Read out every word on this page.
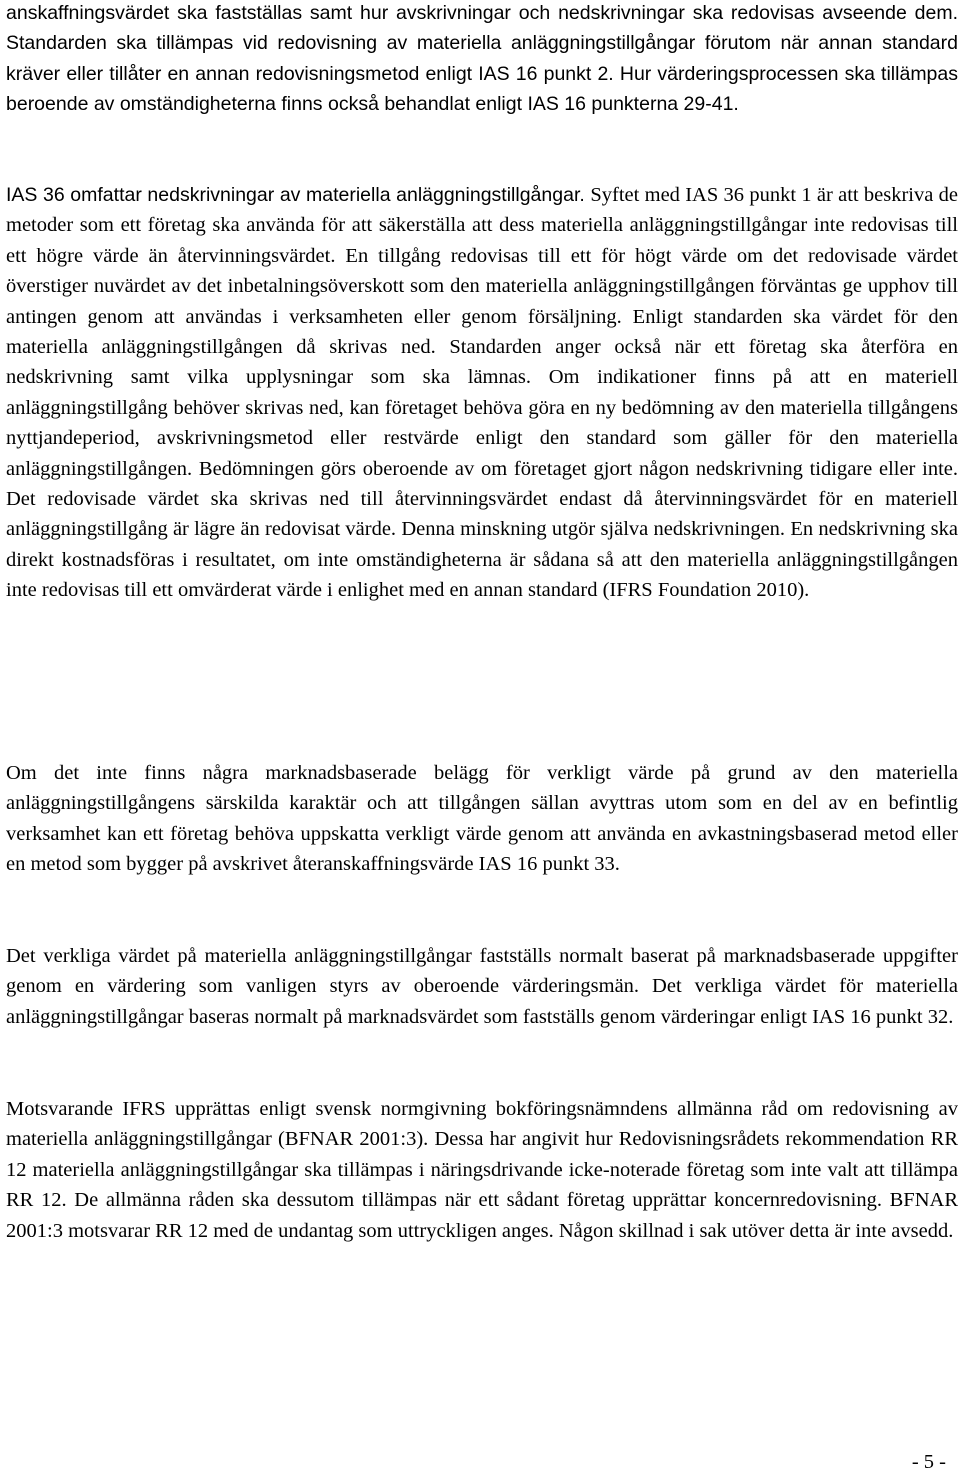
anskaffningsvärdet ska fastställas samt hur avskrivningar och nedskrivningar ska redovisas avseende dem. Standarden ska tillämpas vid redovisning av materiella anläggningstillgångar förutom när annan standard kräver eller tillåter en annan redovisningsmetod enligt IAS 16 punkt 2. Hur värderingsprocessen ska tillämpas beroende av omständigheterna finns också behandlat enligt IAS 16 punkterna 29-41.

IAS 36 omfattar nedskrivningar av materiella anläggningstillgångar. Syftet med IAS 36 punkt 1 är att beskriva de metoder som ett företag ska använda för att säkerställa att dess materiella anläggningstillgångar inte redovisas till ett högre värde än återvinningsvärdet. En tillgång redovisas till ett för högt värde om det redovisade värdet överstiger nuvärdet av det inbetalningsöverskott som den materiella anläggningstillgången förväntas ge upphov till antingen genom att användas i verksamheten eller genom försäljning. Enligt standarden ska värdet för den materiella anläggningstillgången då skrivas ned. Standarden anger också när ett företag ska återföra en nedskrivning samt vilka upplysningar som ska lämnas. Om indikationer finns på att en materiell anläggningstillgång behöver skrivas ned, kan företaget behöva göra en ny bedömning av den materiella tillgångens nyttjandeperiod, avskrivningsmetod eller restvärde enligt den standard som gäller för den materiella anläggningstillgången. Bedömningen görs oberoende av om företaget gjort någon nedskrivning tidigare eller inte. Det redovisade värdet ska skrivas ned till återvinningsvärdet endast då återvinningsvärdet för en materiell anläggningstillgång är lägre än redovisat värde. Denna minskning utgör själva nedskrivningen. En nedskrivning ska direkt kostnadsföras i resultatet, om inte omständigheterna är sådana så att den materiella anläggningstillgången inte redovisas till ett omvärderat värde i enlighet med en annan standard (IFRS Foundation 2010).

Om det inte finns några marknadsbaserade belägg för verkligt värde på grund av den materiella anläggningstillgångens särskilda karaktär och att tillgången sällan avyttras utom som en del av en befintlig verksamhet kan ett företag behöva uppskatta verkligt värde genom att använda en avkastningsbaserad metod eller en metod som bygger på avskrivet återanskaffningsvärde IAS 16 punkt 33.

Det verkliga värdet på materiella anläggningstillgångar fastställs normalt baserat på marknadsbaserade uppgifter genom en värdering som vanligen styrs av oberoende värderingsmän. Det verkliga värdet för materiella anläggningstillgångar baseras normalt på marknadsvärdet som fastställs genom värderingar enligt IAS 16 punkt 32.

Motsvarande IFRS upprättas enligt svensk normgivning bokföringsnämndens allmänna råd om redovisning av materiella anläggningstillgångar (BFNAR 2001:3). Dessa har angivit hur Redovisningsrådets rekommendation RR 12 materiella anläggningstillgångar ska tillämpas i näringsdrivande icke-noterade företag som inte valt att tillämpa RR 12. De allmänna råden ska dessutom tillämpas när ett sådant företag upprättar koncernredovisning. BFNAR 2001:3 motsvarar RR 12 med de undantag som uttryckligen anges. Någon skillnad i sak utöver detta är inte avsedd.

- 5 -
